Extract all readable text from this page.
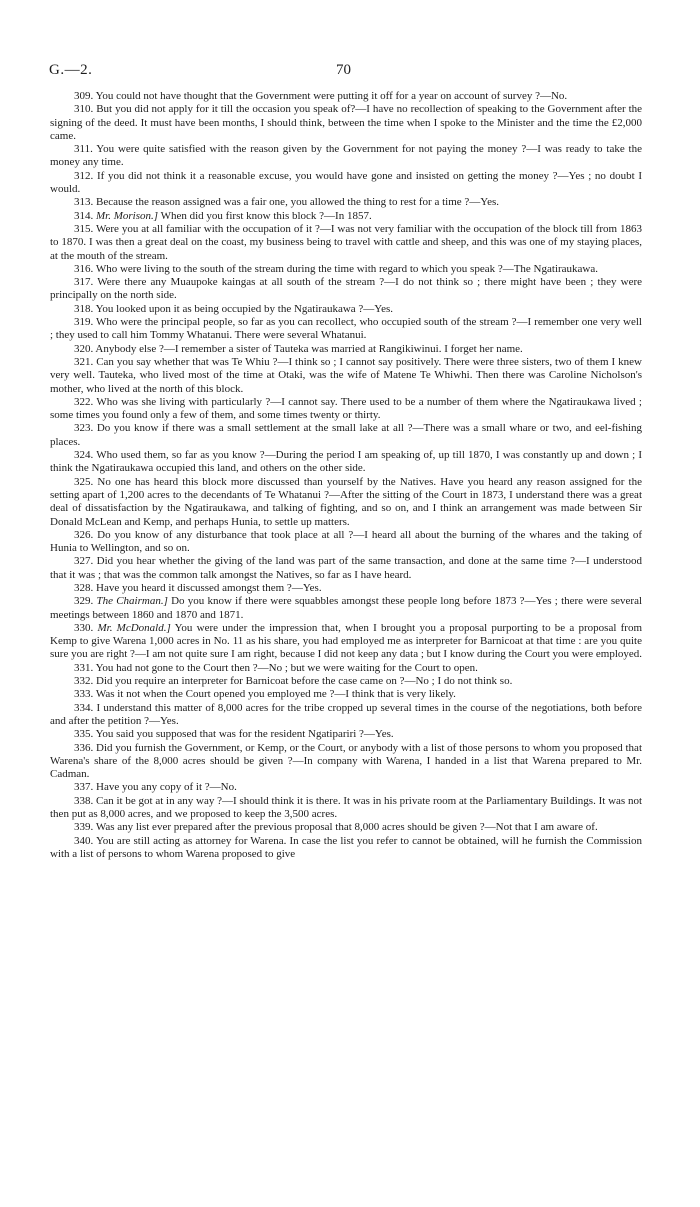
G.—2.	70

309. You could not have thought that the Government were putting it off for a year on account of survey ?—No.

310. But you did not apply for it till the occasion you speak of?—I have no recollection of speaking to the Government after the signing of the deed. It must have been months, I should think, between the time when I spoke to the Minister and the time the £2,000 came.

311. You were quite satisfied with the reason given by the Government for not paying the money ?—I was ready to take the money any time.

312. If you did not think it a reasonable excuse, you would have gone and insisted on getting the money ?—Yes ; no doubt I would.

313. Because the reason assigned was a fair one, you allowed the thing to rest for a time ?—Yes.

314. Mr. Morison.] When did you first know this block ?—In 1857.

315. Were you at all familiar with the occupation of it ?—I was not very familiar with the occupation of the block till from 1863 to 1870. I was then a great deal on the coast, my business being to travel with cattle and sheep, and this was one of my staying places, at the mouth of the stream.

316. Who were living to the south of the stream during the time with regard to which you speak ?—The Ngatiraukawa.

317. Were there any Muaupoke kaingas at all south of the stream ?—I do not think so ; there might have been ; they were principally on the north side.

318. You looked upon it as being occupied by the Ngatiraukawa ?—Yes.

319. Who were the principal people, so far as you can recollect, who occupied south of the stream ?—I remember one very well ; they used to call him Tommy Whatanui. There were several Whatanui.

320. Anybody else ?—I remember a sister of Tauteka was married at Rangikiwinui. I forget her name.

321. Can you say whether that was Te Whiu ?—I think so ; I cannot say positively. There were three sisters, two of them I knew very well. Tauteka, who lived most of the time at Otaki, was the wife of Matene Te Whiwhi. Then there was Caroline Nicholson's mother, who lived at the north of this block.

322. Who was she living with particularly ?—I cannot say. There used to be a number of them where the Ngatiraukawa lived ; some times you found only a few of them, and some times twenty or thirty.

323. Do you know if there was a small settlement at the small lake at all ?—There was a small whare or two, and eel-fishing places.

324. Who used them, so far as you know ?—During the period I am speaking of, up till 1870, I was constantly up and down ; I think the Ngatiraukawa occupied this land, and others on the other side.

325. No one has heard this block more discussed than yourself by the Natives. Have you heard any reason assigned for the setting apart of 1,200 acres to the decendants of Te Whatanui ?—After the sitting of the Court in 1873, I understand there was a great deal of dissatisfaction by the Ngatiraukawa, and talking of fighting, and so on, and I think an arrangement was made between Sir Donald McLean and Kemp, and perhaps Hunia, to settle up matters.

326. Do you know of any disturbance that took place at all ?—I heard all about the burning of the whares and the taking of Hunia to Wellington, and so on.

327. Did you hear whether the giving of the land was part of the same transaction, and done at the same time ?—I understood that it was ; that was the common talk amongst the Natives, so far as I have heard.

328. Have you heard it discussed amongst them ?—Yes.

329. The Chairman.] Do you know if there were squabbles amongst these people long before 1873 ?—Yes ; there were several meetings between 1860 and 1870 and 1871.

330. Mr. McDonald.] You were under the impression that, when I brought you a proposal purporting to be a proposal from Kemp to give Warena 1,000 acres in No. 11 as his share, you had employed me as interpreter for Barnicoat at that time : are you quite sure you are right ?—I am not quite sure I am right, because I did not keep any data ; but I know during the Court you were employed.

331. You had not gone to the Court then ?—No ; but we were waiting for the Court to open.

332. Did you require an interpreter for Barnicoat before the case came on ?—No ; I do not think so.

333. Was it not when the Court opened you employed me ?—I think that is very likely.

334. I understand this matter of 8,000 acres for the tribe cropped up several times in the course of the negotiations, both before and after the petition ?—Yes.

335. You said you supposed that was for the resident Ngatipariri ?—Yes.

336. Did you furnish the Government, or Kemp, or the Court, or anybody with a list of those persons to whom you proposed that Warena's share of the 8,000 acres should be given ?—In company with Warena, I handed in a list that Warena prepared to Mr. Cadman.

337. Have you any copy of it ?—No.

338. Can it be got at in any way ?—I should think it is there. It was in his private room at the Parliamentary Buildings. It was not then put as 8,000 acres, and we proposed to keep the 3,500 acres.

339. Was any list ever prepared after the previous proposal that 8,000 acres should be given ?—Not that I am aware of.

340. You are still acting as attorney for Warena. In case the list you refer to cannot be obtained, will he furnish the Commission with a list of persons to whom Warena proposed to give
